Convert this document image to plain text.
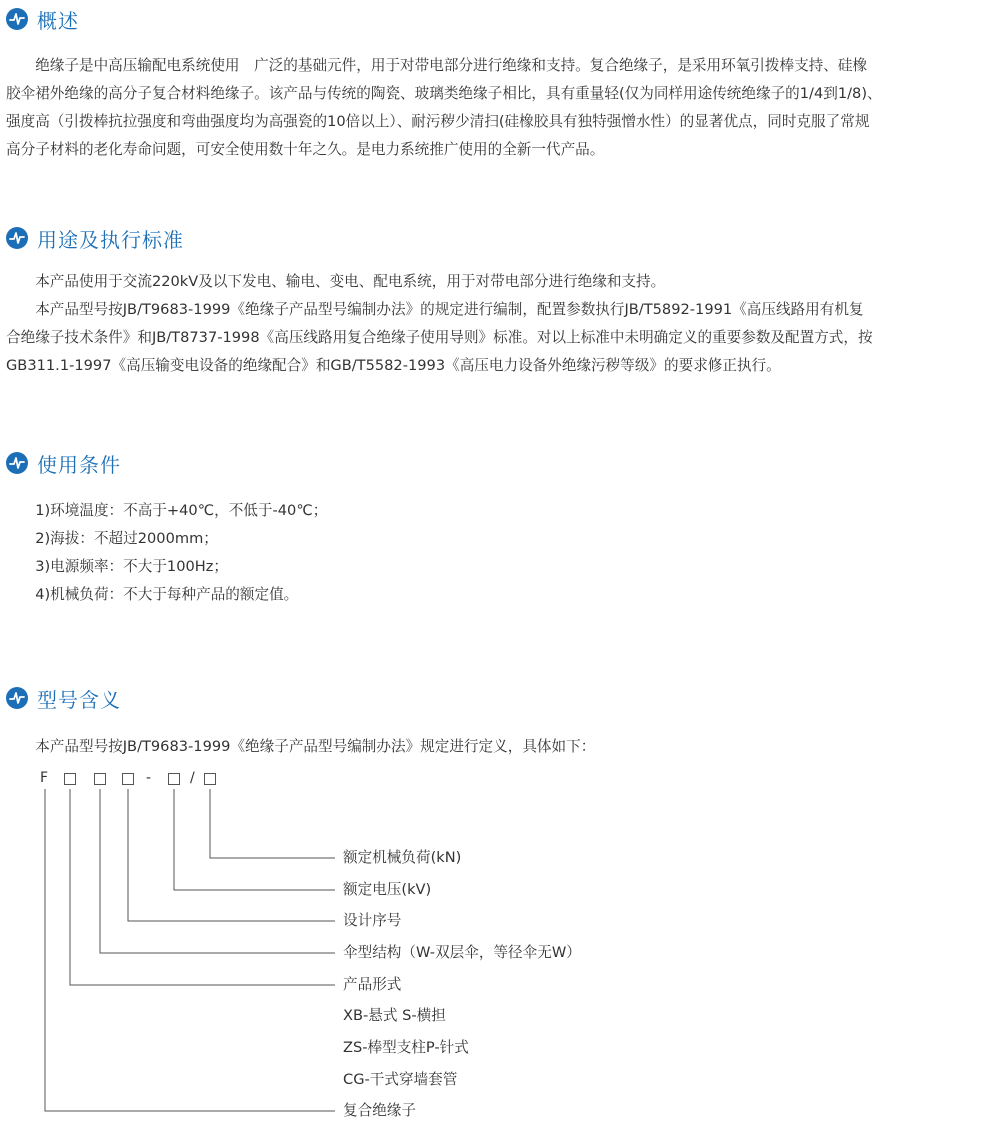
概述
　　绝缘子是中高压输配电系统使用　广泛的基础元件，用于对带电部分进行绝缘和支持。复合绝缘子，是采用环氧引拨棒支持、硅橡
胶伞裙外绝缘的高分子复合材料绝缘子。该产品与传统的陶瓷、玻璃类绝缘子相比，具有重量轻(仅为同样用途传统绝缘子的1/4到1/8)、
强度高（引拨棒抗拉强度和弯曲强度均为高强瓷的10倍以上）、耐污秽少清扫(硅橡胶具有独特强憎水性）的显著优点，同时克服了常规
高分子材料的老化寿命问题，可安全使用数十年之久。是电力系统推广使用的全新一代产品。
用途及执行标准
　　本产品使用于交流220kV及以下发电、输电、变电、配电系统，用于对带电部分进行绝缘和支持。
　　本产品型号按JB/T9683-1999《绝缘子产品型号编制办法》的规定进行编制，配置参数执行JB/T5892-1991《高压线路用有机复
合绝缘子技术条件》和JB/T8737-1998《高压线路用复合绝缘子使用导则》标准。对以上标准中未明确定义的重要参数及配置方式，按
GB311.1-1997《高压输变电设备的绝缘配合》和GB/T5582-1993《高压电力设备外绝缘污秽等级》的要求修正执行。
使用条件
　　1)环境温度：不高于+40℃，不低于-40℃；
　　2)海拔：不超过2000mm；
　　3)电源频率：不大于100Hz；
　　4)机械负荷：不大于每种产品的额定值。
型号含义
　　本产品型号按JB/T9683-1999《绝缘子产品型号编制办法》规定进行定义，具体如下：
F	-	/
额定机械负荷(kN)
额定电压(kV)
设计序号
伞型结构（W-双层伞，等径伞无W）
产品形式
XB-悬式 S-横担
ZS-棒型支柱P-针式
CG-干式穿墙套管
复合绝缘子
